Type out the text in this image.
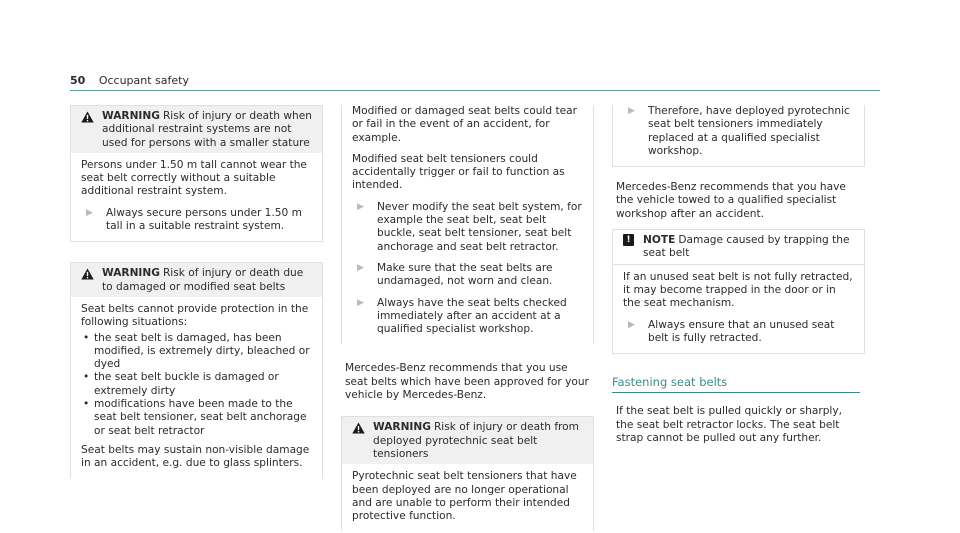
50 Occupant safety
WARNING Risk of injury or death when additional restraint systems are not used for persons with a smaller stature

Persons under 1.50 m tall cannot wear the seat belt correctly without a suitable additional restraint system.

▶	Always secure persons under 1.50 m tall in a suitable restraint system.
WARNING Risk of injury or death due to damaged or modified seat belts

Seat belts cannot provide protection in the following situations:

• the seat belt is damaged, has been modified, is extremely dirty, bleached or dyed
• the seat belt buckle is damaged or extremely dirty
• modifications have been made to the seat belt tensioner, seat belt anchorage or seat belt retractor

Seat belts may sustain non-visible damage in an accident, e.g. due to glass splinters.

Modified or damaged seat belts could tear or fail in the event of an accident, for example.

Modified seat belt tensioners could accidentally trigger or fail to function as intended.

▶	Never modify the seat belt system, for example the seat belt, seat belt buckle, seat belt tensioner, seat belt anchorage and seat belt retractor.
▶	Make sure that the seat belts are undamaged, not worn and clean.
▶	Always have the seat belts checked immediately after an accident at a qualified specialist workshop.

Mercedes-Benz recommends that you use seat belts which have been approved for your vehicle by Mercedes-Benz.

WARNING Risk of injury or death from deployed pyrotechnic seat belt tensioners

Pyrotechnic seat belt tensioners that have been deployed are no longer operational and are unable to perform their intended protective function.

▶	Therefore, have deployed pyrotechnic seat belt tensioners immediately replaced at a qualified specialist workshop.

Mercedes-Benz recommends that you have the vehicle towed to a qualified specialist workshop after an accident.

!	NOTE Damage caused by trapping the seat belt

If an unused seat belt is not fully retracted, it may become trapped in the door or in the seat mechanism.

▶	Always ensure that an unused seat belt is fully retracted.
Fastening seat belts

If the seat belt is pulled quickly or sharply, the seat belt retractor locks. The seat belt strap cannot be pulled out any further.
